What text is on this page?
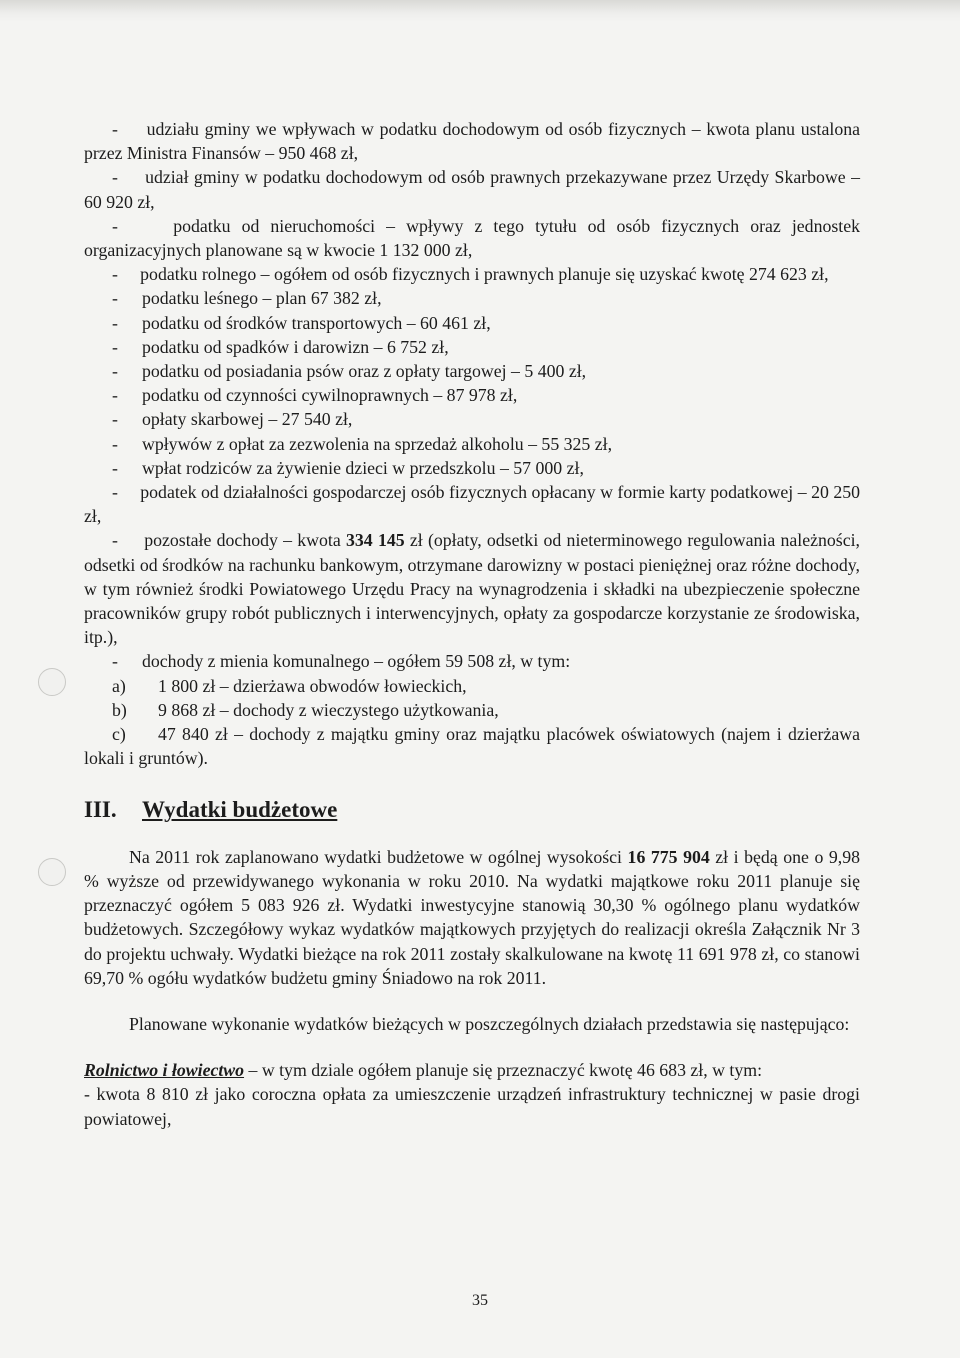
-     udziału gminy we wpływach w podatku dochodowym od osób fizycznych – kwota planu ustalona przez Ministra Finansów – 950 468 zł,

-     udział gminy w podatku dochodowym od osób prawnych przekazywane przez Urzędy Skarbowe – 60 920 zł,

-     podatku od nieruchomości – wpływy z tego tytułu od osób fizycznych oraz jednostek organizacyjnych planowane są w kwocie 1 132 000 zł,

-     podatku rolnego – ogółem od osób fizycznych i prawnych planuje się uzyskać kwotę 274 623 zł,

-	podatku leśnego – plan 67 382 zł,
-	podatku od środków transportowych – 60 461 zł,
-	podatku od spadków i darowizn – 6 752 zł,
-	podatku od posiadania psów oraz z opłaty targowej – 5 400 zł,
-	podatku od czynności cywilnoprawnych – 87 978 zł,
-	opłaty skarbowej – 27 540 zł,
-	wpływów z opłat za zezwolenia na sprzedaż alkoholu – 55 325 zł,
-	wpłat rodziców za żywienie dzieci w przedszkolu – 57 000 zł,

-     podatek od działalności gospodarczej osób fizycznych opłacany w formie karty podatkowej – 20 250 zł,

-     pozostałe dochody – kwota 334 145 zł (opłaty, odsetki od nieterminowego regulowania należności, odsetki od środków na rachunku bankowym, otrzymane darowizny w postaci pieniężnej oraz różne dochody, w tym również środki Powiatowego Urzędu Pracy na wynagrodzenia i składki na ubezpieczenie społeczne pracowników grupy robót publicznych i interwencyjnych, opłaty za gospodarcze korzystanie ze środowiska, itp.),

-	dochody z mienia komunalnego – ogółem 59 508 zł, w tym:

a) 1 800 zł – dzierżawa obwodów łowieckich,

b) 9 868 zł – dochody z wieczystego użytkowania,

c) 47 840 zł – dochody z majątku gminy oraz majątku placówek oświatowych (najem i dzierżawa lokali i gruntów).

III.	Wydatki budżetowe

Na 2011 rok zaplanowano wydatki budżetowe w ogólnej wysokości 16 775 904 zł i będą one o 9,98 % wyższe od przewidywanego wykonania w roku 2010. Na wydatki majątkowe roku 2011 planuje się przeznaczyć ogółem 5 083 926 zł. Wydatki inwestycyjne stanowią 30,30 % ogólnego planu wydatków budżetowych. Szczegółowy wykaz wydatków majątkowych przyjętych do realizacji określa Załącznik Nr 3 do projektu uchwały. Wydatki bieżące na rok 2011 zostały skalkulowane na kwotę 11 691 978 zł, co stanowi 69,70 % ogółu wydatków budżetu gminy Śniadowo na rok 2011.

Planowane wykonanie wydatków bieżących w poszczególnych działach przedstawia się następująco:

Rolnictwo i łowiectwo – w tym dziale ogółem planuje się przeznaczyć kwotę 46 683 zł, w tym:

- kwota 8 810 zł jako coroczna opłata za umieszczenie urządzeń infrastruktury technicznej w pasie drogi powiatowej,

35
